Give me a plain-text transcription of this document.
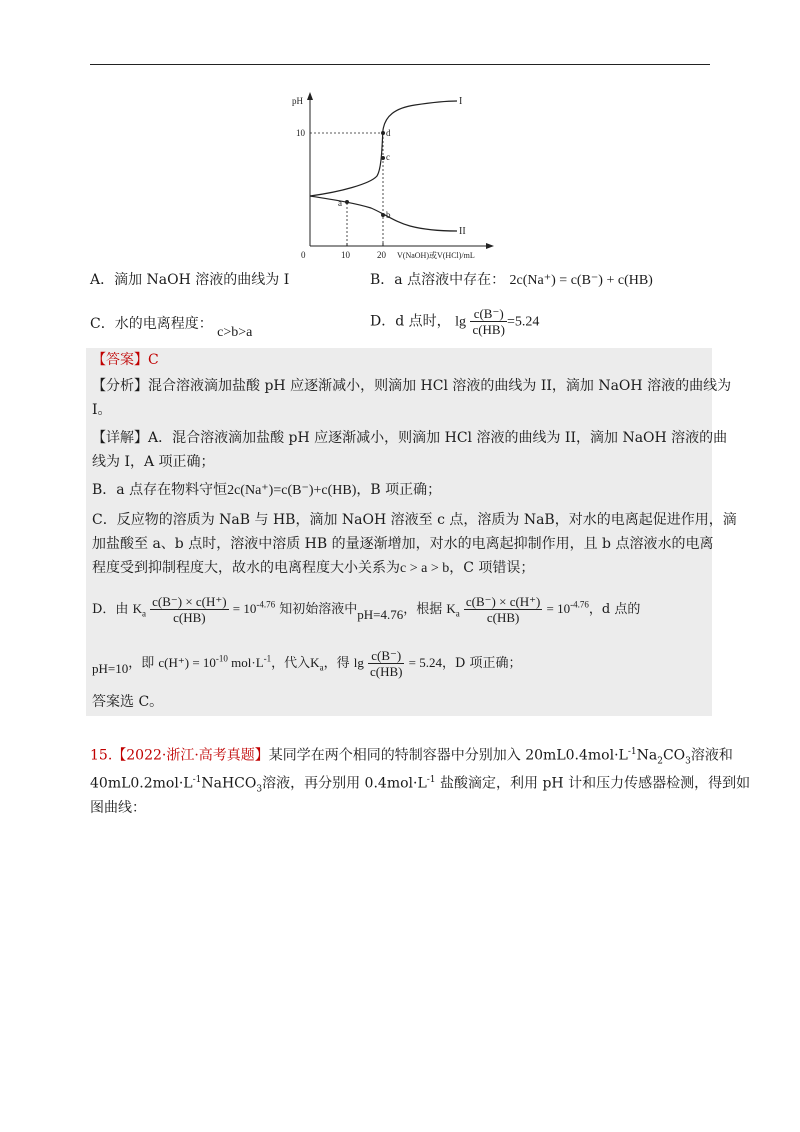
pH
10
0	10	20 V(NaOH)或V(HCl)/mL
I
II
a
b
c
d
A．滴加 NaOH 溶液的曲线为 I	B．a 点溶液中存在： 2c(Na⁺) = c(B⁻) + c(HB)
C．水的电离程度： c>b>a
D．d 点时， $\lg \frac{c(B^-)}{c(HB)} =5.24$
【答案】C
【分析】混合溶液滴加盐酸 pH 应逐渐减小，则滴加 HCl 溶液的曲线为 II，滴加 NaOH 溶液的曲线为
I。
【详解】A．混合溶液滴加盐酸 pH 应逐渐减小，则滴加 HCl 溶液的曲线为 II，滴加 NaOH 溶液的曲
线为 I，A 项正确；
B．a 点存在物料守恒2c(Na⁺)=c(B⁻)+c(HB)，B 项正确；
C．反应物的溶质为 NaB 与 HB，滴加 NaOH 溶液至 c 点，溶质为 NaB，对水的电离起促进作用，滴
加盐酸至 a、b 点时，溶液中溶质 HB 的量逐渐增加，对水的电离起抑制作用，且 b 点溶液水的电离
程度受到抑制程度大，故水的电离程度大小关系为c > a > b，C 项错误；
D．由 $K_a \frac{c(B^-) \times c(H^+)}{c(HB)} = 10^{-4.76}$ 知初始溶液中pH=4.76，根据 $K_a \frac{c(B^-) \times c(H^+)}{c(HB)} = 10^{-4.76}$，d 点的
pH=10，即 $c(H^+) = 10^{-10}$ $mol\cdot L^{-1}$，代入$K_a$，得 $\lg \frac{c(B^-)}{c(HB)} = 5.24$，D 项正确；
答案选 C。
15.【2022·浙江·高考真题】某同学在两个相同的特制容器中分别加入 $20mL0.4mol\cdot L^{-1}Na_2CO_3$溶液和
$40mL0.2mol\cdot L^{-1}NaHCO_3$溶液，再分别用 $0.4mol\cdot L^{-1}$ 盐酸滴定，利用 pH 计和压力传感器检测，得到如
图曲线：
